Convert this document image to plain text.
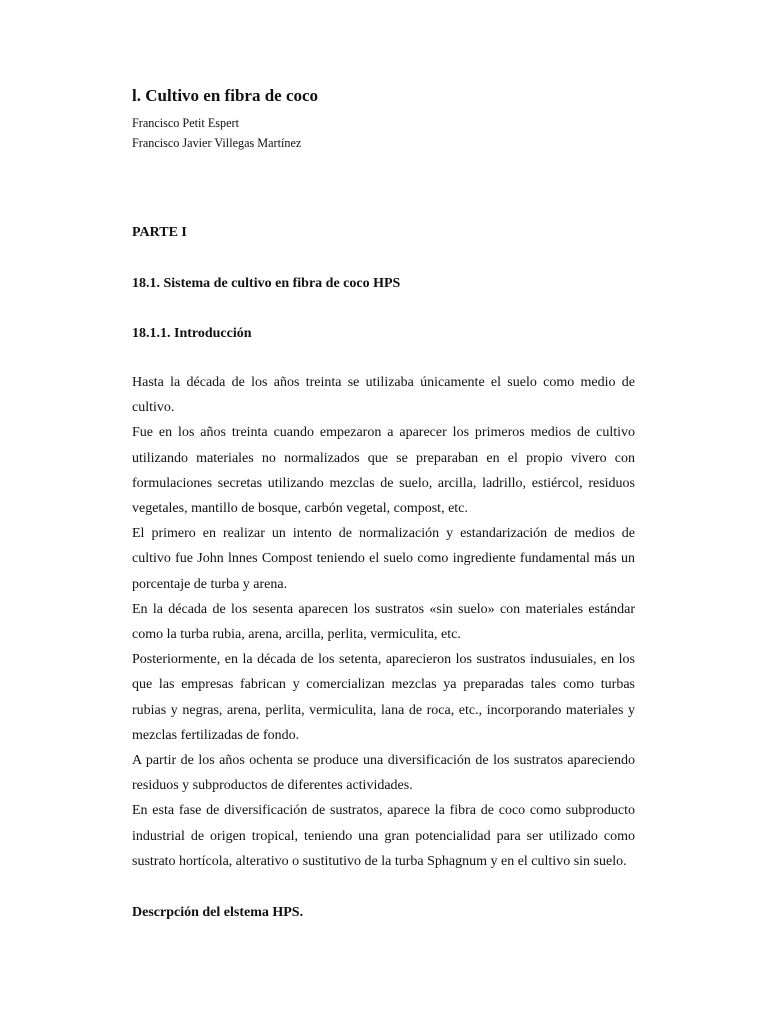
l. Cultivo en fibra de coco

Francisco Petit Espert

Francisco Javier Villegas Martínez

PARTE I
18.1. Sistema de cultivo en fibra de coco HPS
18.1.1. Introducción

Hasta la década de los años treinta se utilizaba únicamente el suelo como medio de cultivo.

Fue en los años treinta cuando empezaron a aparecer los primeros medios de cultivo utilizando materiales no normalizados que se preparaban en el propio vivero con formulaciones secretas utilizando mezclas de suelo, arcilla, ladrillo, estiércol, residuos vegetales, mantillo de bosque, carbón vegetal, compost, etc.

El primero en realizar un intento de normalización y estandarización de medios de cultivo fue John lnnes Compost teniendo el suelo como ingrediente fundamental más un porcentaje de turba y arena.

En la década de los sesenta aparecen los sustratos «sin suelo» con materiales estándar como la turba rubia, arena, arcilla, perlita, vermiculita, etc.

Posteriormente, en la década de los setenta, aparecieron los sustratos indusuiales, en los que las empresas fabrican y comercializan mezclas ya preparadas tales como turbas rubias y negras, arena, perlita, vermiculita, lana de roca, etc., incorporando materiales y mezclas fertilizadas de fondo.

A partir de los años ochenta se produce una diversificación de los sustratos apareciendo residuos y subproductos de diferentes actividades.

En esta fase de diversificación de sustratos, aparece la fibra de coco como subproducto industrial de origen tropical, teniendo una gran potencialidad para ser utilizado como sustrato hortícola, alterativo o sustitutivo de la turba Sphagnum y en el cultivo sin suelo.

Descrpción del elstema HPS.
